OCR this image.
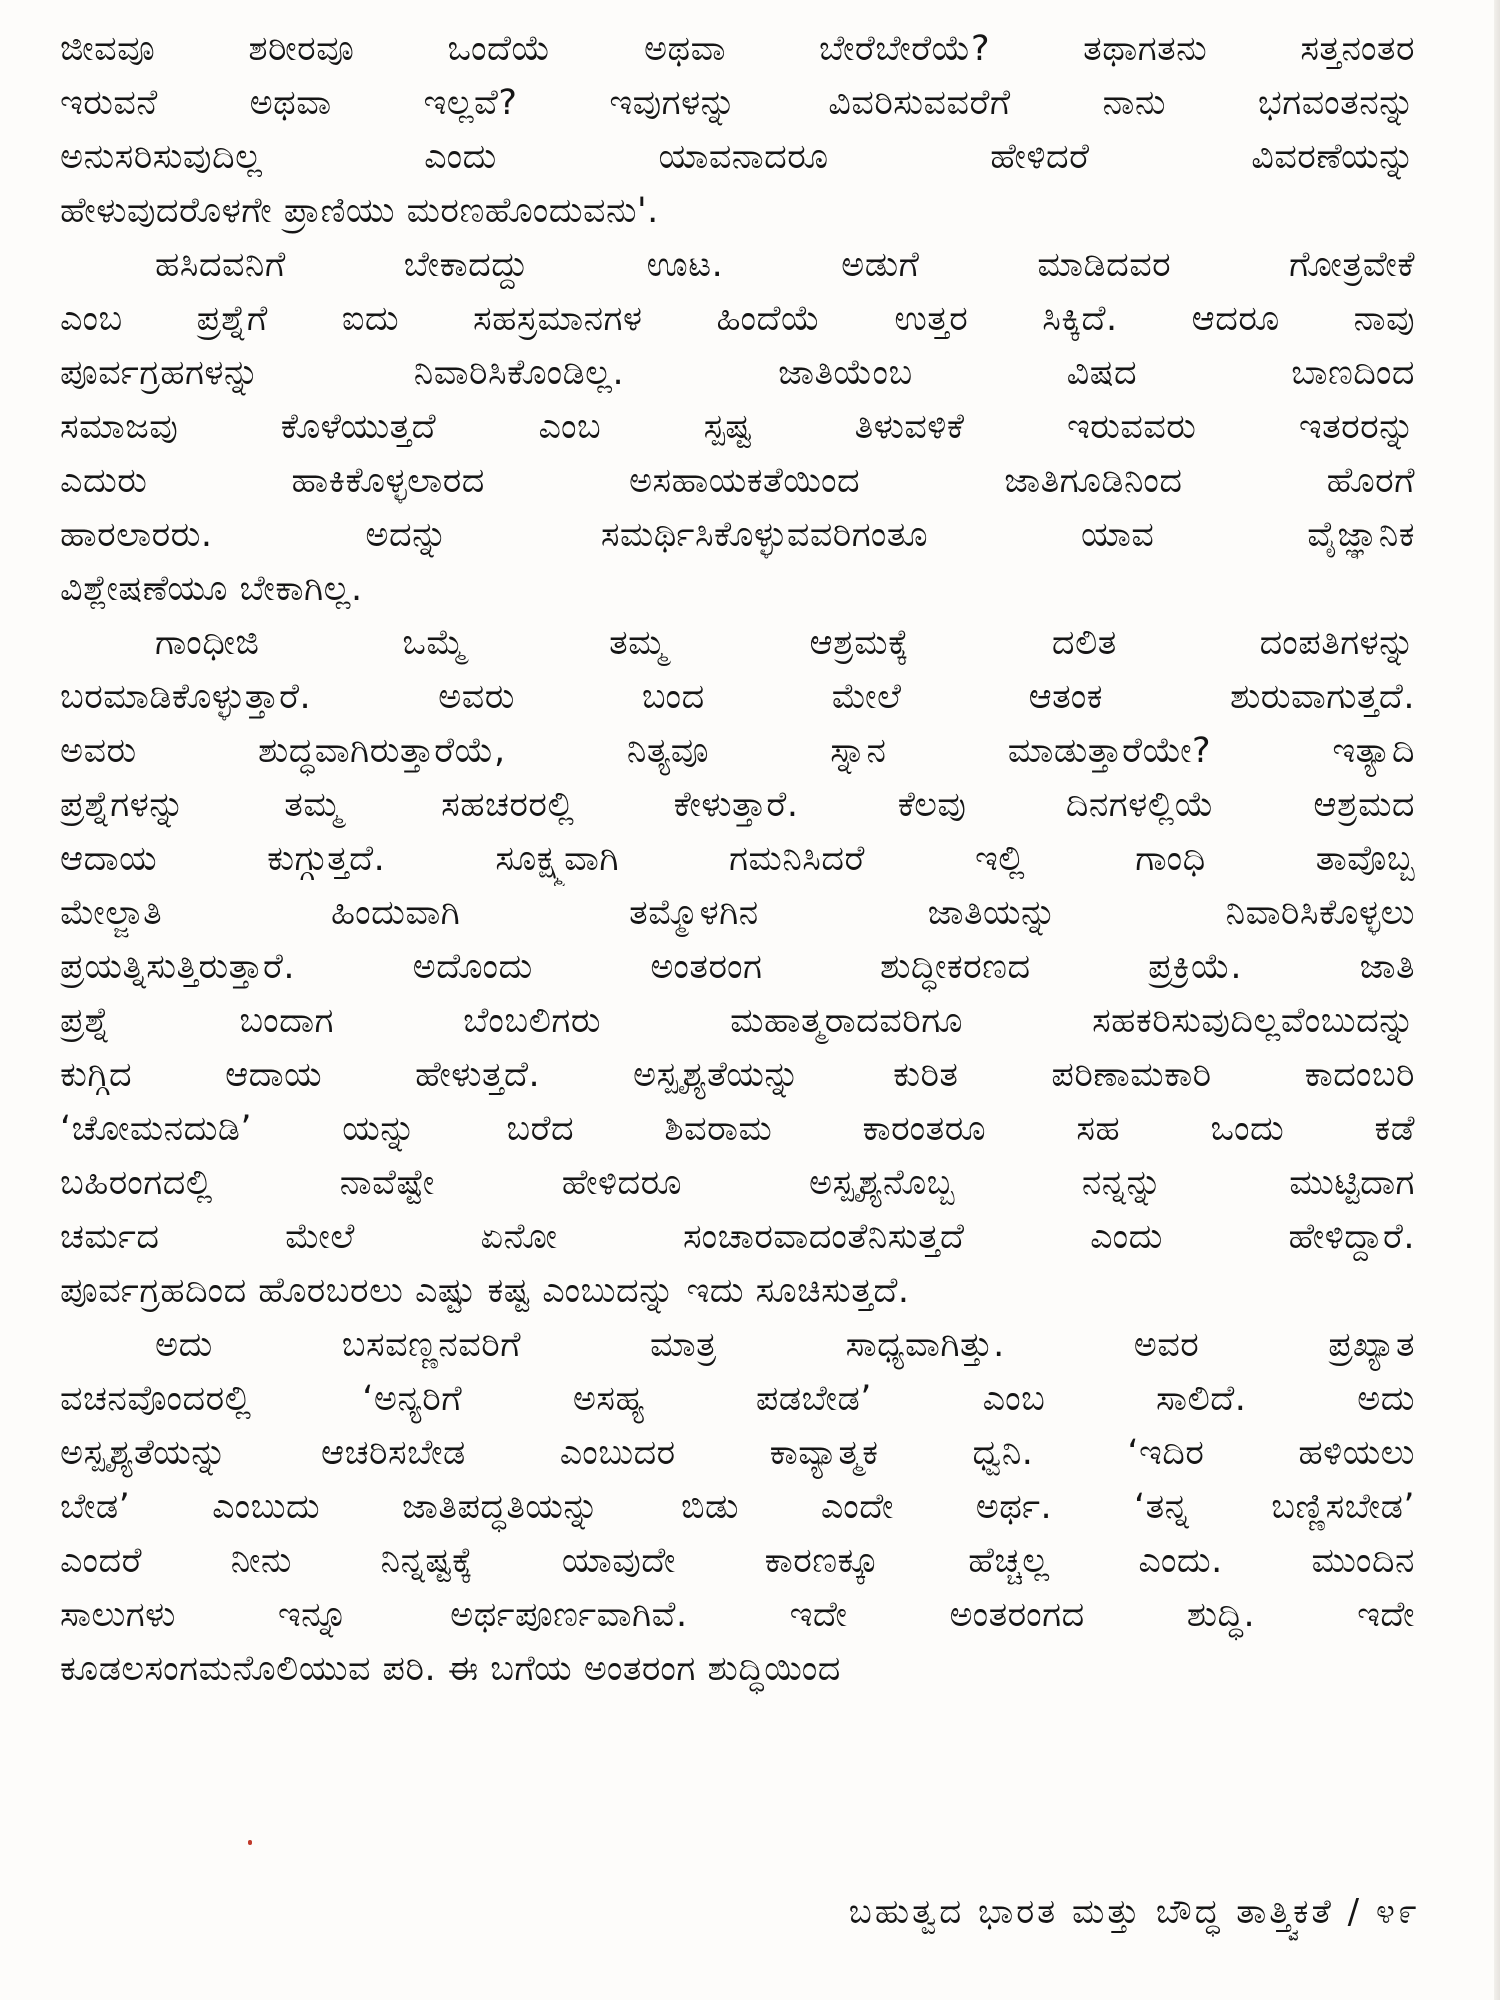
ಜೀವವೂ ಶರೀರವೂ ಒಂದೆಯೆ ಅಥವಾ ಬೇರೆಬೇರೆಯೆ? ತಥಾಗತನು ಸತ್ತನಂತರ
ಇರುವನೆ ಅಥವಾ ಇಲ್ಲವೆ? ಇವುಗಳನ್ನು ವಿವರಿಸುವವರೆಗೆ ನಾನು ಭಗವಂತನನ್ನು
ಅನುಸರಿಸುವುದಿಲ್ಲ ಎಂದು ಯಾವನಾದರೂ ಹೇಳಿದರೆ ವಿವರಣೆಯನ್ನು
ಹೇಳುವುದರೊಳಗೇ ಪ್ರಾಣಿಯು ಮರಣಹೊಂದುವನು'.
ಹಸಿದವನಿಗೆ ಬೇಕಾದದ್ದು ಊಟ. ಅಡುಗೆ ಮಾಡಿದವರ ಗೋತ್ರವೇಕೆ
ಎಂಬ ಪ್ರಶ್ನೆಗೆ ಐದು ಸಹಸ್ರಮಾನಗಳ ಹಿಂದೆಯೆ ಉತ್ತರ ಸಿಕ್ಕಿದೆ. ಆದರೂ ನಾವು
ಪೂರ್ವಗ್ರಹಗಳನ್ನು ನಿವಾರಿಸಿಕೊಂಡಿಲ್ಲ. ಜಾತಿಯೆಂಬ ವಿಷದ ಬಾಣದಿಂದ
ಸಮಾಜವು ಕೊಳೆಯುತ್ತದೆ ಎಂಬ ಸ್ಪಷ್ಟ ತಿಳುವಳಿಕೆ ಇರುವವರು ಇತರರನ್ನು
ಎದುರು ಹಾಕಿಕೊಳ್ಳಲಾರದ ಅಸಹಾಯಕತೆಯಿಂದ ಜಾತಿಗೂಡಿನಿಂದ ಹೊರಗೆ
ಹಾರಲಾರರು. ಅದನ್ನು ಸಮರ್ಥಿಸಿಕೊಳ್ಳುವವರಿಗಂತೂ ಯಾವ ವೈಜ್ಞಾನಿಕ
ವಿಶ್ಲೇಷಣೆಯೂ ಬೇಕಾಗಿಲ್ಲ.
ಗಾಂಧೀಜಿ ಒಮ್ಮೆ ತಮ್ಮ ಆಶ್ರಮಕ್ಕೆ ದಲಿತ ದಂಪತಿಗಳನ್ನು
ಬರಮಾಡಿಕೊಳ್ಳುತ್ತಾರೆ. ಅವರು ಬಂದ ಮೇಲೆ ಆತಂಕ ಶುರುವಾಗುತ್ತದೆ.
ಅವರು ಶುದ್ಧವಾಗಿರುತ್ತಾರೆಯೆ, ನಿತ್ಯವೂ ಸ್ನಾನ ಮಾಡುತ್ತಾರೆಯೇ? ಇತ್ಯಾದಿ
ಪ್ರಶ್ನೆಗಳನ್ನು ತಮ್ಮ ಸಹಚರರಲ್ಲಿ ಕೇಳುತ್ತಾರೆ. ಕೆಲವು ದಿನಗಳಲ್ಲಿಯೆ ಆಶ್ರಮದ
ಆದಾಯ ಕುಗ್ಗುತ್ತದೆ. ಸೂಕ್ಷ್ಮವಾಗಿ ಗಮನಿಸಿದರೆ ಇಲ್ಲಿ ಗಾಂಧಿ ತಾವೊಬ್ಬ
ಮೇಲ್ಜಾತಿ ಹಿಂದುವಾಗಿ ತಮ್ಮೊಳಗಿನ ಜಾತಿಯನ್ನು ನಿವಾರಿಸಿಕೊಳ್ಳಲು
ಪ್ರಯತ್ನಿಸುತ್ತಿರುತ್ತಾರೆ. ಅದೊಂದು ಅಂತರಂಗ ಶುದ್ಧೀಕರಣದ ಪ್ರಕ್ರಿಯೆ. ಜಾತಿ
ಪ್ರಶ್ನೆ ಬಂದಾಗ ಬೆಂಬಲಿಗರು ಮಹಾತ್ಮರಾದವರಿಗೂ ಸಹಕರಿಸುವುದಿಲ್ಲವೆಂಬುದನ್ನು
ಕುಗ್ಗಿದ ಆದಾಯ ಹೇಳುತ್ತದೆ. ಅಸ್ಪೃಶ್ಯತೆಯನ್ನು ಕುರಿತ ಪರಿಣಾಮಕಾರಿ ಕಾದಂಬರಿ
‘ಚೋಮನದುಡಿ’ ಯನ್ನು ಬರೆದ ಶಿವರಾಮ ಕಾರಂತರೂ ಸಹ ಒಂದು ಕಡೆ
ಬಹಿರಂಗದಲ್ಲಿ ನಾವೆಷ್ಟೇ ಹೇಳಿದರೂ ಅಸ್ಪೃಶ್ಯನೊಬ್ಬ ನನ್ನನ್ನು ಮುಟ್ಟಿದಾಗ
ಚರ್ಮದ ಮೇಲೆ ಏನೋ ಸಂಚಾರವಾದಂತೆನಿಸುತ್ತದೆ ಎಂದು ಹೇಳಿದ್ದಾರೆ.
ಪೂರ್ವಗ್ರಹದಿಂದ ಹೊರಬರಲು ಎಷ್ಟು ಕಷ್ಟ ಎಂಬುದನ್ನು ಇದು ಸೂಚಿಸುತ್ತದೆ.
ಅದು ಬಸವಣ್ಣನವರಿಗೆ ಮಾತ್ರ ಸಾಧ್ಯವಾಗಿತ್ತು. ಅವರ ಪ್ರಖ್ಯಾತ
ವಚನವೊಂದರಲ್ಲಿ ‘ಅನ್ಯರಿಗೆ ಅಸಹ್ಯ ಪಡಬೇಡ’ ಎಂಬ ಸಾಲಿದೆ. ಅದು
ಅಸ್ಪೃಶ್ಯತೆಯನ್ನು ಆಚರಿಸಬೇಡ ಎಂಬುದರ ಕಾವ್ಯಾತ್ಮಕ ಧ್ವನಿ. ‘ಇದಿರ ಹಳಿಯಲು
ಬೇಡ’ ಎಂಬುದು ಜಾತಿಪದ್ಧತಿಯನ್ನು ಬಿಡು ಎಂದೇ ಅರ್ಥ. ‘ತನ್ನ ಬಣ್ಣಿಸಬೇಡ’
ಎಂದರೆ ನೀನು ನಿನ್ನಷ್ಟಕ್ಕೆ ಯಾವುದೇ ಕಾರಣಕ್ಕೂ ಹೆಚ್ಚಲ್ಲ ಎಂದು. ಮುಂದಿನ
ಸಾಲುಗಳು ಇನ್ನೂ ಅರ್ಥಪೂರ್ಣವಾಗಿವೆ. ಇದೇ ಅಂತರಂಗದ ಶುದ್ಧಿ. ಇದೇ
ಕೂಡಲಸಂಗಮನೊಲಿಯುವ ಪರಿ. ಈ ಬಗೆಯ ಅಂತರಂಗ ಶುದ್ಧಿಯಿಂದ
ಬಹುತ್ವದ ಭಾರತ ಮತ್ತು ಬೌದ್ಧ ತಾತ್ತ್ವಿಕತೆ / ೪೯
